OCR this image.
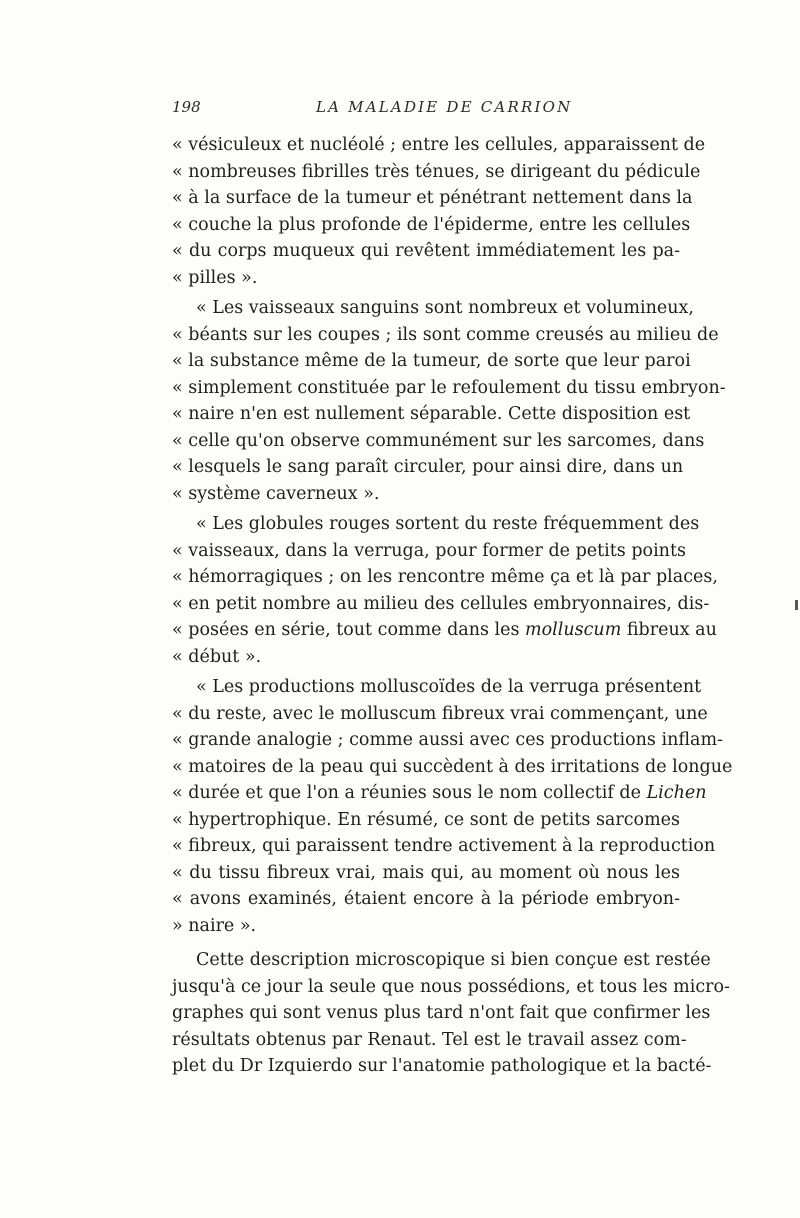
198	LA MALADIE DE CARRION
« vésiculeux et nucléolé ; entre les cellules, apparaissent de
« nombreuses fibrilles très ténues, se dirigeant du pédicule
« à la surface de la tumeur et pénétrant nettement dans la
« couche la plus profonde de l'épiderme, entre les cellules
« du corps muqueux qui revêtent immédiatement les pa-
« pilles ».
« Les vaisseaux sanguins sont nombreux et volumineux,
« béants sur les coupes ; ils sont comme creusés au milieu de
« la substance même de la tumeur, de sorte que leur paroi
« simplement constituée par le refoulement du tissu embryon-
« naire n'en est nullement séparable. Cette disposition est
« celle qu'on observe communément sur les sarcomes, dans
« lesquels le sang paraît circuler, pour ainsi dire, dans un
« système caverneux ».
« Les globules rouges sortent du reste fréquemment des
« vaisseaux, dans la verruga, pour former de petits points
« hémorragiques ; on les rencontre même ça et là par places,
« en petit nombre au milieu des cellules embryonnaires, dis-
« posées en série, tout comme dans les molluscum fibreux au
« début ».
« Les productions molluscoïdes de la verruga présentent
« du reste, avec le molluscum fibreux vrai commençant, une
« grande analogie ; comme aussi avec ces productions inflam-
« matoires de la peau qui succèdent à des irritations de longue
« durée et que l'on a réunies sous le nom collectif de Lichen
« hypertrophique. En résumé, ce sont de petits sarcomes
« fibreux, qui paraissent tendre activement à la reproduction
« du tissu fibreux vrai, mais qui, au moment où nous les
« avons examinés, étaient encore à la période embryon-
» naire ».
Cette description microscopique si bien conçue est restée
jusqu'à ce jour la seule que nous possédions, et tous les micro-
graphes qui sont venus plus tard n'ont fait que confirmer les
résultats obtenus par Renaut. Tel est le travail assez com-
plet du Dr Izquierdo sur l'anatomie pathologique et la bacté-
